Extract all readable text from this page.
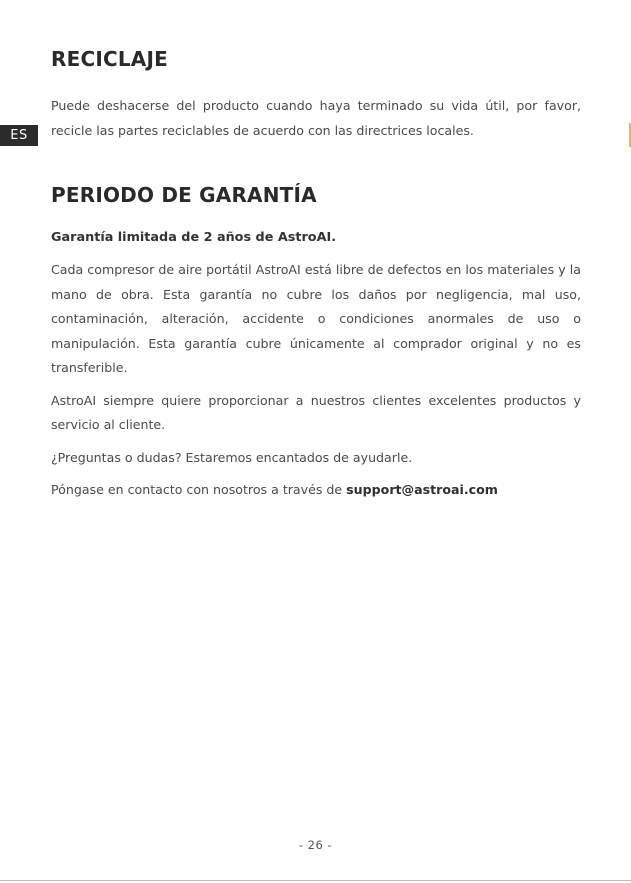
ES
RECICLAJE

Puede deshacerse del producto cuando haya terminado su vida útil, por favor, recicle las partes reciclables de acuerdo con las directrices locales.

PERIODO DE GARANTÍA

Garantía limitada de 2 años de AstroAI.

Cada compresor de aire portátil AstroAI está libre de defectos en los materiales y la mano de obra. Esta garantía no cubre los daños por negligencia, mal uso, contaminación, alteración, accidente o condiciones anormales de uso o manipulación. Esta garantía cubre únicamente al comprador original y no es transferible.

AstroAI siempre quiere proporcionar a nuestros clientes excelentes productos y servicio al cliente.

¿Preguntas o dudas? Estaremos encantados de ayudarle.

Póngase en contacto con nosotros a través de support@astroai.com

- 26 -
